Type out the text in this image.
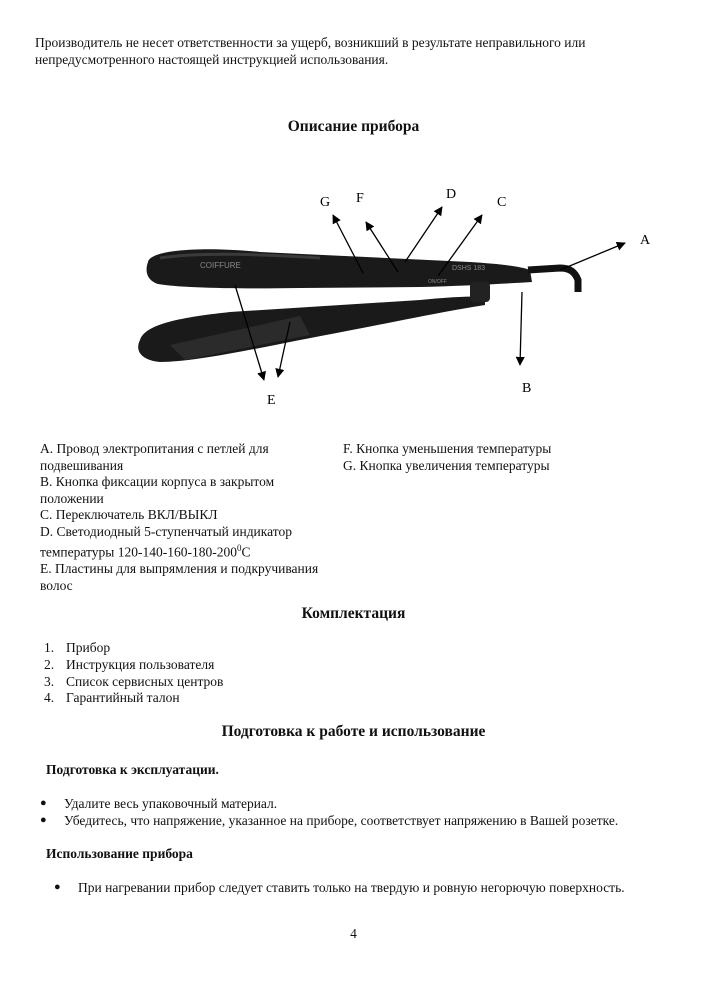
Производитель не несет ответственности за ущерб, возникший в результате неправильного или непредусмотренного настоящей инструкцией использования.
Описание прибора
COIFFURE	DSHS 183
ON/OFF
G F	D
C
A
B
E
A. Провод электропитания с петлей для подвешивания
B. Кнопка фиксации корпуса в закрытом положении
C. Переключатель ВКЛ/ВЫКЛ
D. Светодиодный 5-ступенчатый индикатор температуры $120-140-160-180-200^0C$
E. Пластины для выпрямления и подкручивания волос
F. Кнопка уменьшения температуры
G. Кнопка увеличения температуры
Комплектация
1. Прибор
2. Инструкция пользователя
3. Список сервисных центров
4. Гарантийный талон
Подготовка к работе и использование
Подготовка к эксплуатации.
●	Удалите весь упаковочный материал.
●	Убедитесь, что напряжение, указанное на приборе, соответствует напряжению в Вашей розетке.
Использование прибора
●	При нагревании прибор следует ставить только на твердую и ровную негорючую поверхность.
4
